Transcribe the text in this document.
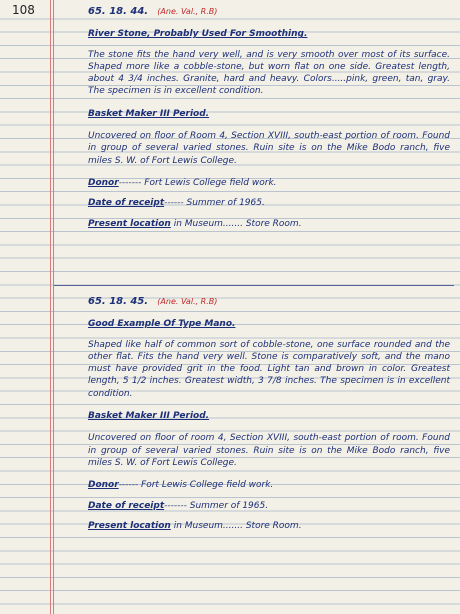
108	65. 18. 44. (Ane. Val., R.B)
River Stone, Probably Used For Smoothing.
The stone fits the hand very well, and is very smooth over most of its surface. Shaped more like a cobble-stone, but worn flat on one side. Greatest length, about 4 3/4 inches. Granite, hard and heavy. Colors.....pink, green, tan, gray. The specimen is in excellent condition.
Basket Maker III Period.
Uncovered on floor of Room 4, Section XVIII, south-east portion of room. Found in group of several varied stones. Ruin site is on the Mike Bodo ranch, five miles S. W. of Fort Lewis College.
Donor------- Fort Lewis College field work.
Date of receipt------ Summer of 1965.
Present location in Museum....... Store Room.
65. 18. 45. (Ane. Val., R.B)
Good Example Of Type Mano.
Shaped like half of common sort of cobble-stone, one surface rounded and the other flat. Fits the hand very well. Stone is comparatively soft, and the mano must have provided grit in the food. Light tan and brown in color. Greatest length, 5 1/2 inches. Greatest width, 3 7/8 inches. The specimen is in excellent condition.
Basket Maker III Period.
Uncovered on floor of room 4, Section XVIII, south-east portion of room. Found in group of several varied stones. Ruin site is on the Mike Bodo ranch, five miles S. W. of Fort Lewis College.
Donor------ Fort Lewis College field work.
Date of receipt------- Summer of 1965.
Present location in Museum....... Store Room.
